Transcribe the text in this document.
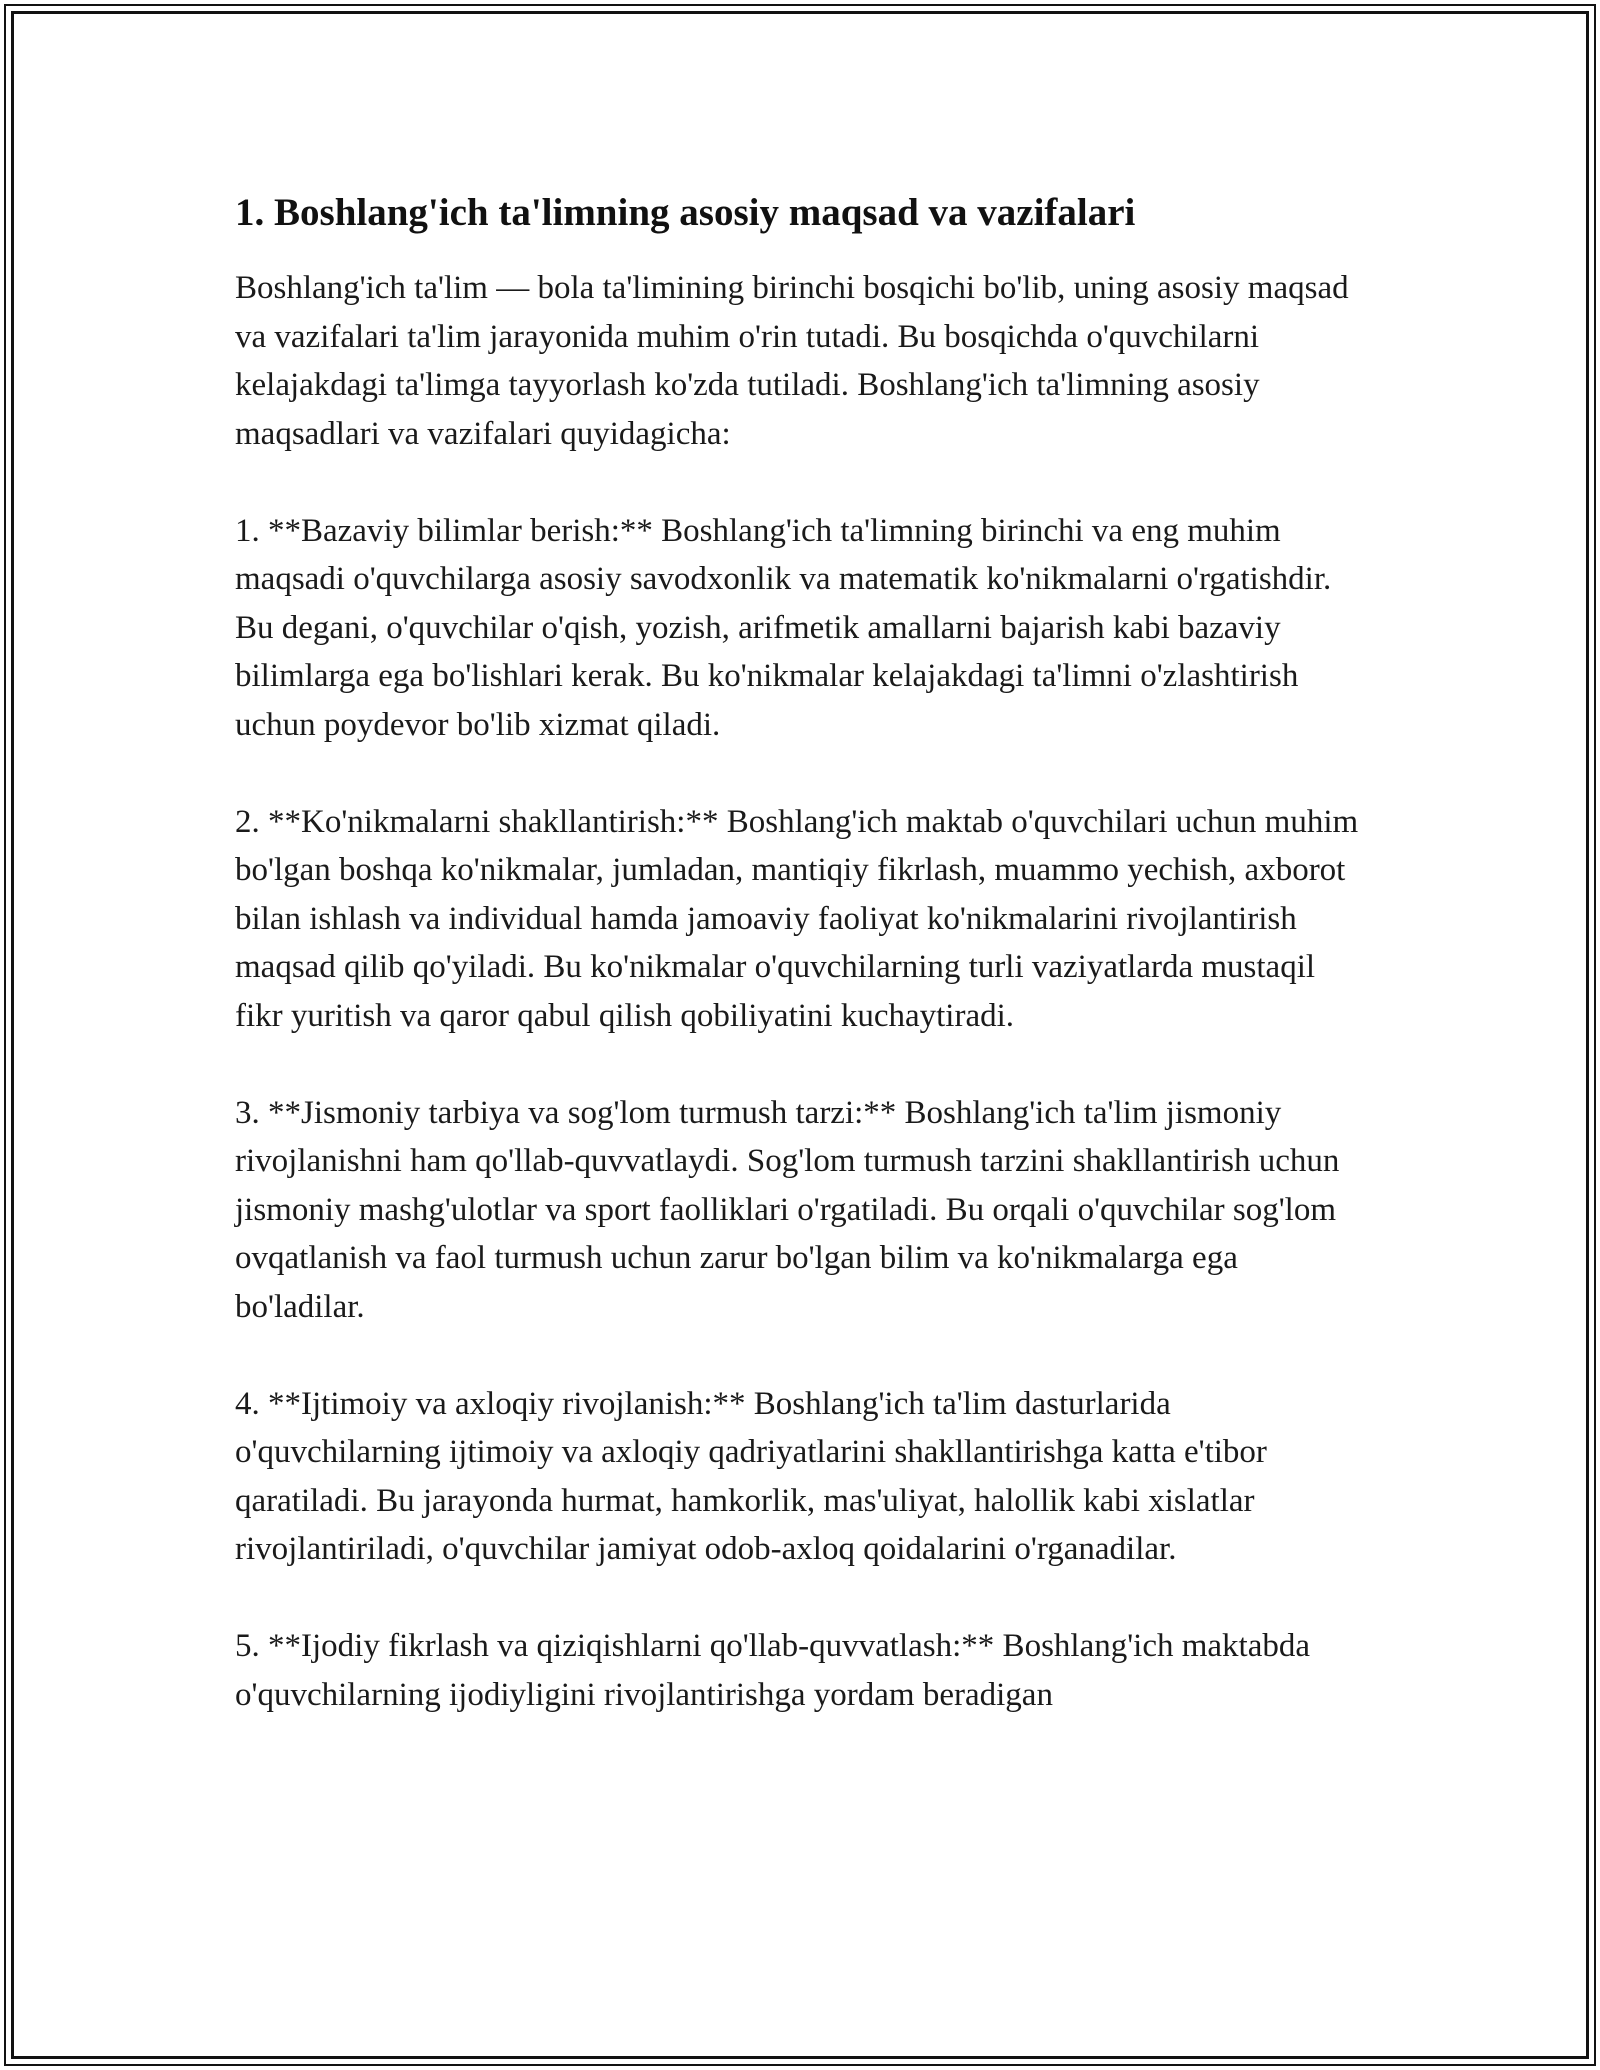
1. Boshlang'ich ta'limning asosiy maqsad va vazifalari

Boshlang'ich ta'lim — bola ta'limining birinchi bosqichi bo'lib, uning asosiy maqsad va vazifalari ta'lim jarayonida muhim o'rin tutadi. Bu bosqichda o'quvchilarni kelajakdagi ta'limga tayyorlash ko'zda tutiladi. Boshlang'ich ta'limning asosiy maqsadlari va vazifalari quyidagicha:

1. **Bazaviy bilimlar berish:** Boshlang'ich ta'limning birinchi va eng muhim maqsadi o'quvchilarga asosiy savodxonlik va matematik ko'nikmalarni o'rgatishdir. Bu degani, o'quvchilar o'qish, yozish, arifmetik amallarni bajarish kabi bazaviy bilimlarga ega bo'lishlari kerak. Bu ko'nikmalar kelajakdagi ta'limni o'zlashtirish uchun poydevor bo'lib xizmat qiladi.

2. **Ko'nikmalarni shakllantirish:** Boshlang'ich maktab o'quvchilari uchun muhim bo'lgan boshqa ko'nikmalar, jumladan, mantiqiy fikrlash, muammo yechish, axborot bilan ishlash va individual hamda jamoaviy faoliyat ko'nikmalarini rivojlantirish maqsad qilib qo'yiladi. Bu ko'nikmalar o'quvchilarning turli vaziyatlarda mustaqil fikr yuritish va qaror qabul qilish qobiliyatini kuchaytiradi.

3. **Jismoniy tarbiya va sog'lom turmush tarzi:** Boshlang'ich ta'lim jismoniy rivojlanishni ham qo'llab-quvvatlaydi. Sog'lom turmush tarzini shakllantirish uchun jismoniy mashg'ulotlar va sport faolliklari o'rgatiladi. Bu orqali o'quvchilar sog'lom ovqatlanish va faol turmush uchun zarur bo'lgan bilim va ko'nikmalarga ega bo'ladilar.

4. **Ijtimoiy va axloqiy rivojlanish:** Boshlang'ich ta'lim dasturlarida o'quvchilarning ijtimoiy va axloqiy qadriyatlarini shakllantirishga katta e'tibor qaratiladi. Bu jarayonda hurmat, hamkorlik, mas'uliyat, halollik kabi xislatlar rivojlantiriladi, o'quvchilar jamiyat odob-axloq qoidalarini o'rganadilar.

5. **Ijodiy fikrlash va qiziqishlarni qo'llab-quvvatlash:** Boshlang'ich maktabda o'quvchilarning ijodiyligini rivojlantirishga yordam beradigan
